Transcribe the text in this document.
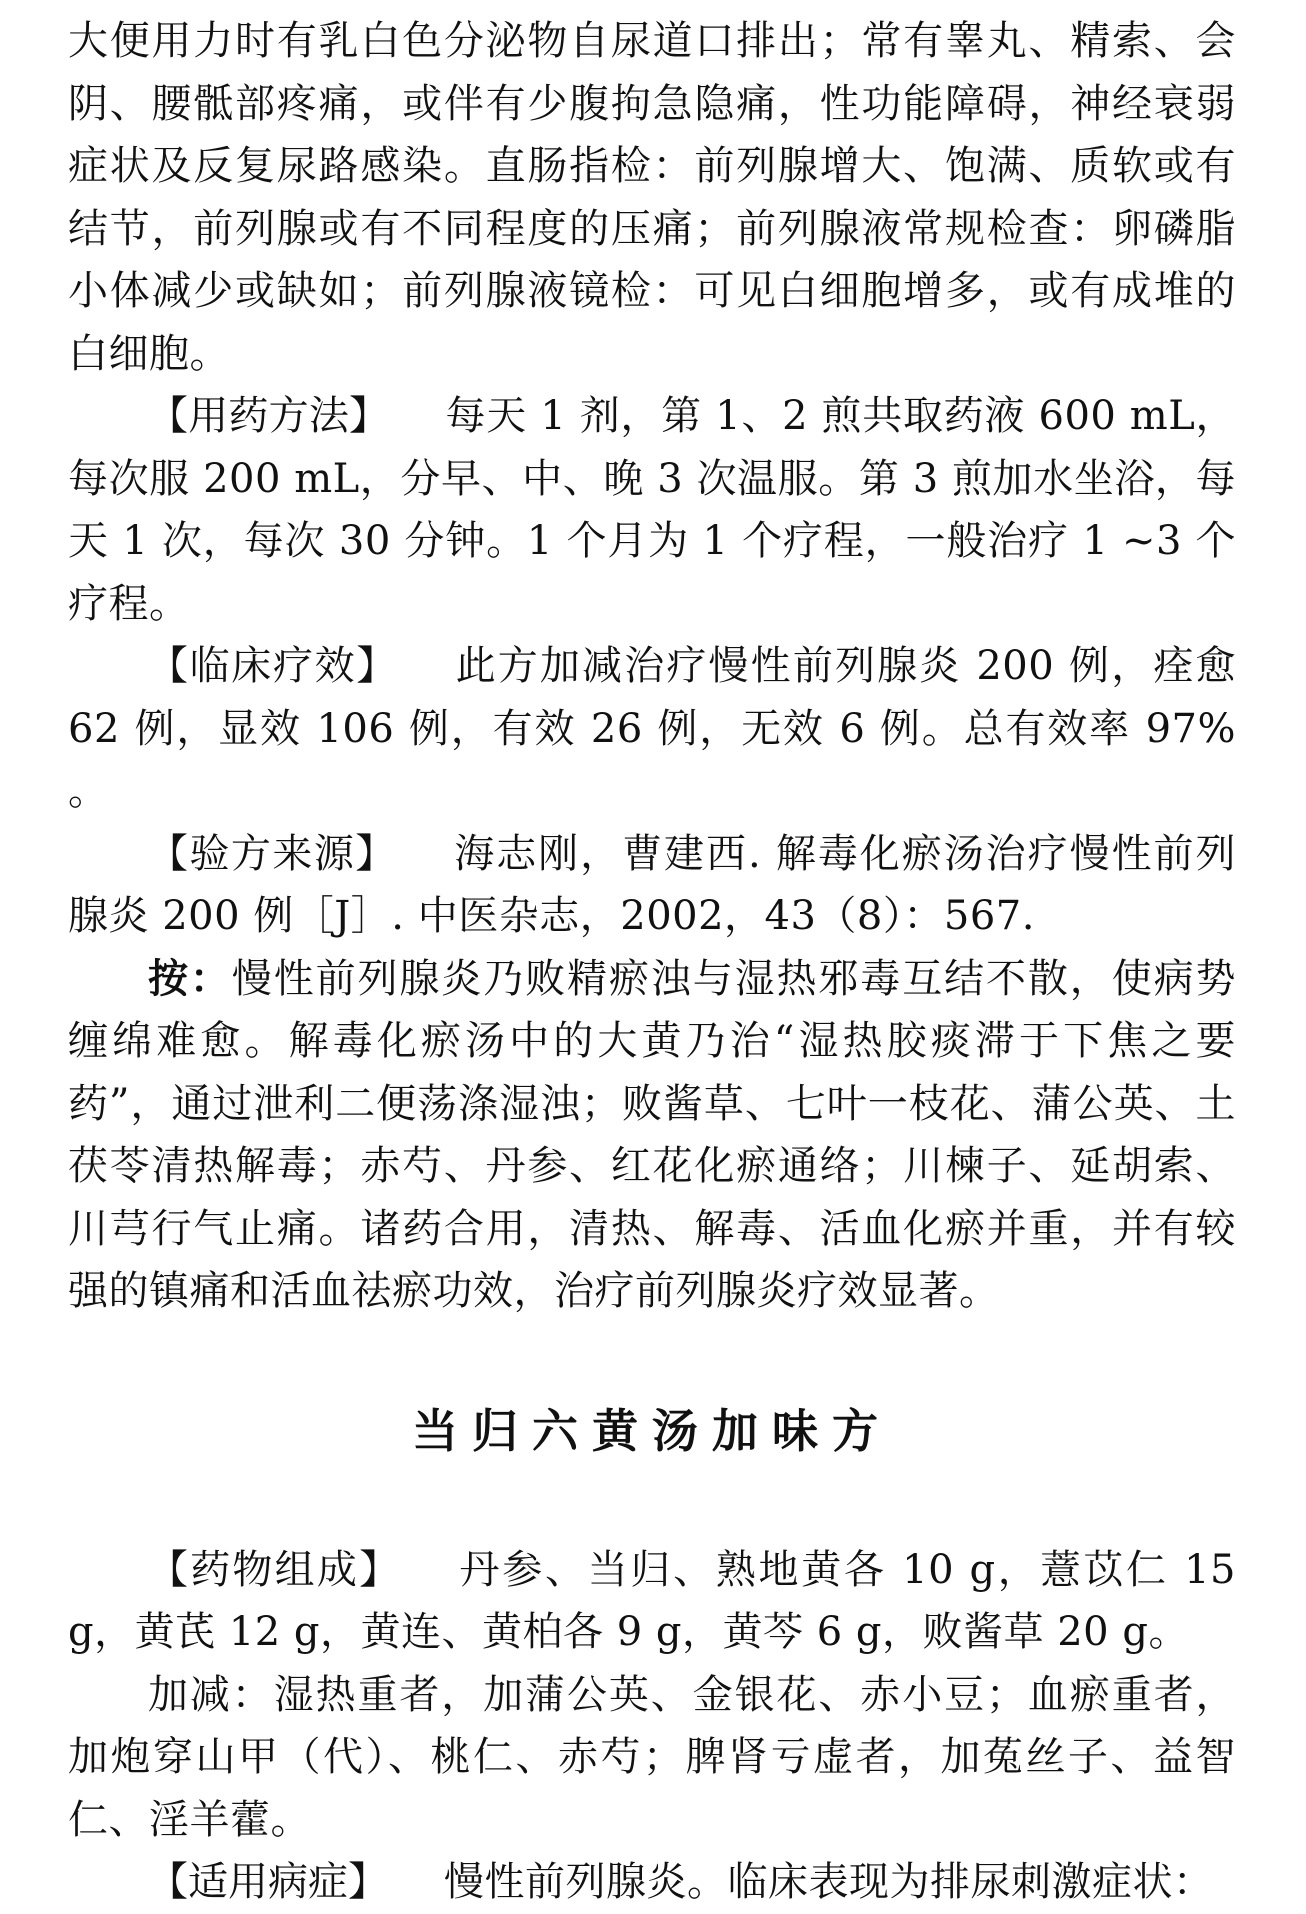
大便用力时有乳白色分泌物自尿道口排出；常有睾丸、精索、会阴、腰骶部疼痛，或伴有少腹拘急隐痛，性功能障碍，神经衰弱症状及反复尿路感染。直肠指检：前列腺增大、饱满、质软或有结节，前列腺或有不同程度的压痛；前列腺液常规检查：卵磷脂小体减少或缺如；前列腺液镜检：可见白细胞增多，或有成堆的白细胞。

【用药方法】 每天 1 剂，第 1、2 煎共取药液 600 mL，每次服 200 mL，分早、中、晚 3 次温服。第 3 煎加水坐浴，每天 1 次，每次 30 分钟。1 个月为 1 个疗程，一般治疗 1 ~3 个疗程。

【临床疗效】 此方加减治疗慢性前列腺炎 200 例，痊愈 62 例，显效 106 例，有效 26 例，无效 6 例。总有效率 97% 。

【验方来源】 海志刚，曹建西. 解毒化瘀汤治疗慢性前列腺炎 200 例［J］. 中医杂志，2002，43（8）：567.

按：慢性前列腺炎乃败精瘀浊与湿热邪毒互结不散，使病势缠绵难愈。解毒化瘀汤中的大黄乃治“湿热胶痰滞于下焦之要药”，通过泄利二便荡涤湿浊；败酱草、七叶一枝花、蒲公英、土茯苓清热解毒；赤芍、丹参、红花化瘀通络；川楝子、延胡索、川芎行气止痛。诸药合用，清热、解毒、活血化瘀并重，并有较强的镇痛和活血祛瘀功效，治疗前列腺炎疗效显著。

当归六黄汤加味方

【药物组成】 丹参、当归、熟地黄各 10 g，薏苡仁 15 g，黄芪 12 g，黄连、黄柏各 9 g，黄芩 6 g，败酱草 20 g。

加减：湿热重者，加蒲公英、金银花、赤小豆；血瘀重者，加炮穿山甲（代）、桃仁、赤芍；脾肾亏虚者，加菟丝子、益智仁、淫羊藿。

【适用病症】 慢性前列腺炎。临床表现为排尿刺激症状：
